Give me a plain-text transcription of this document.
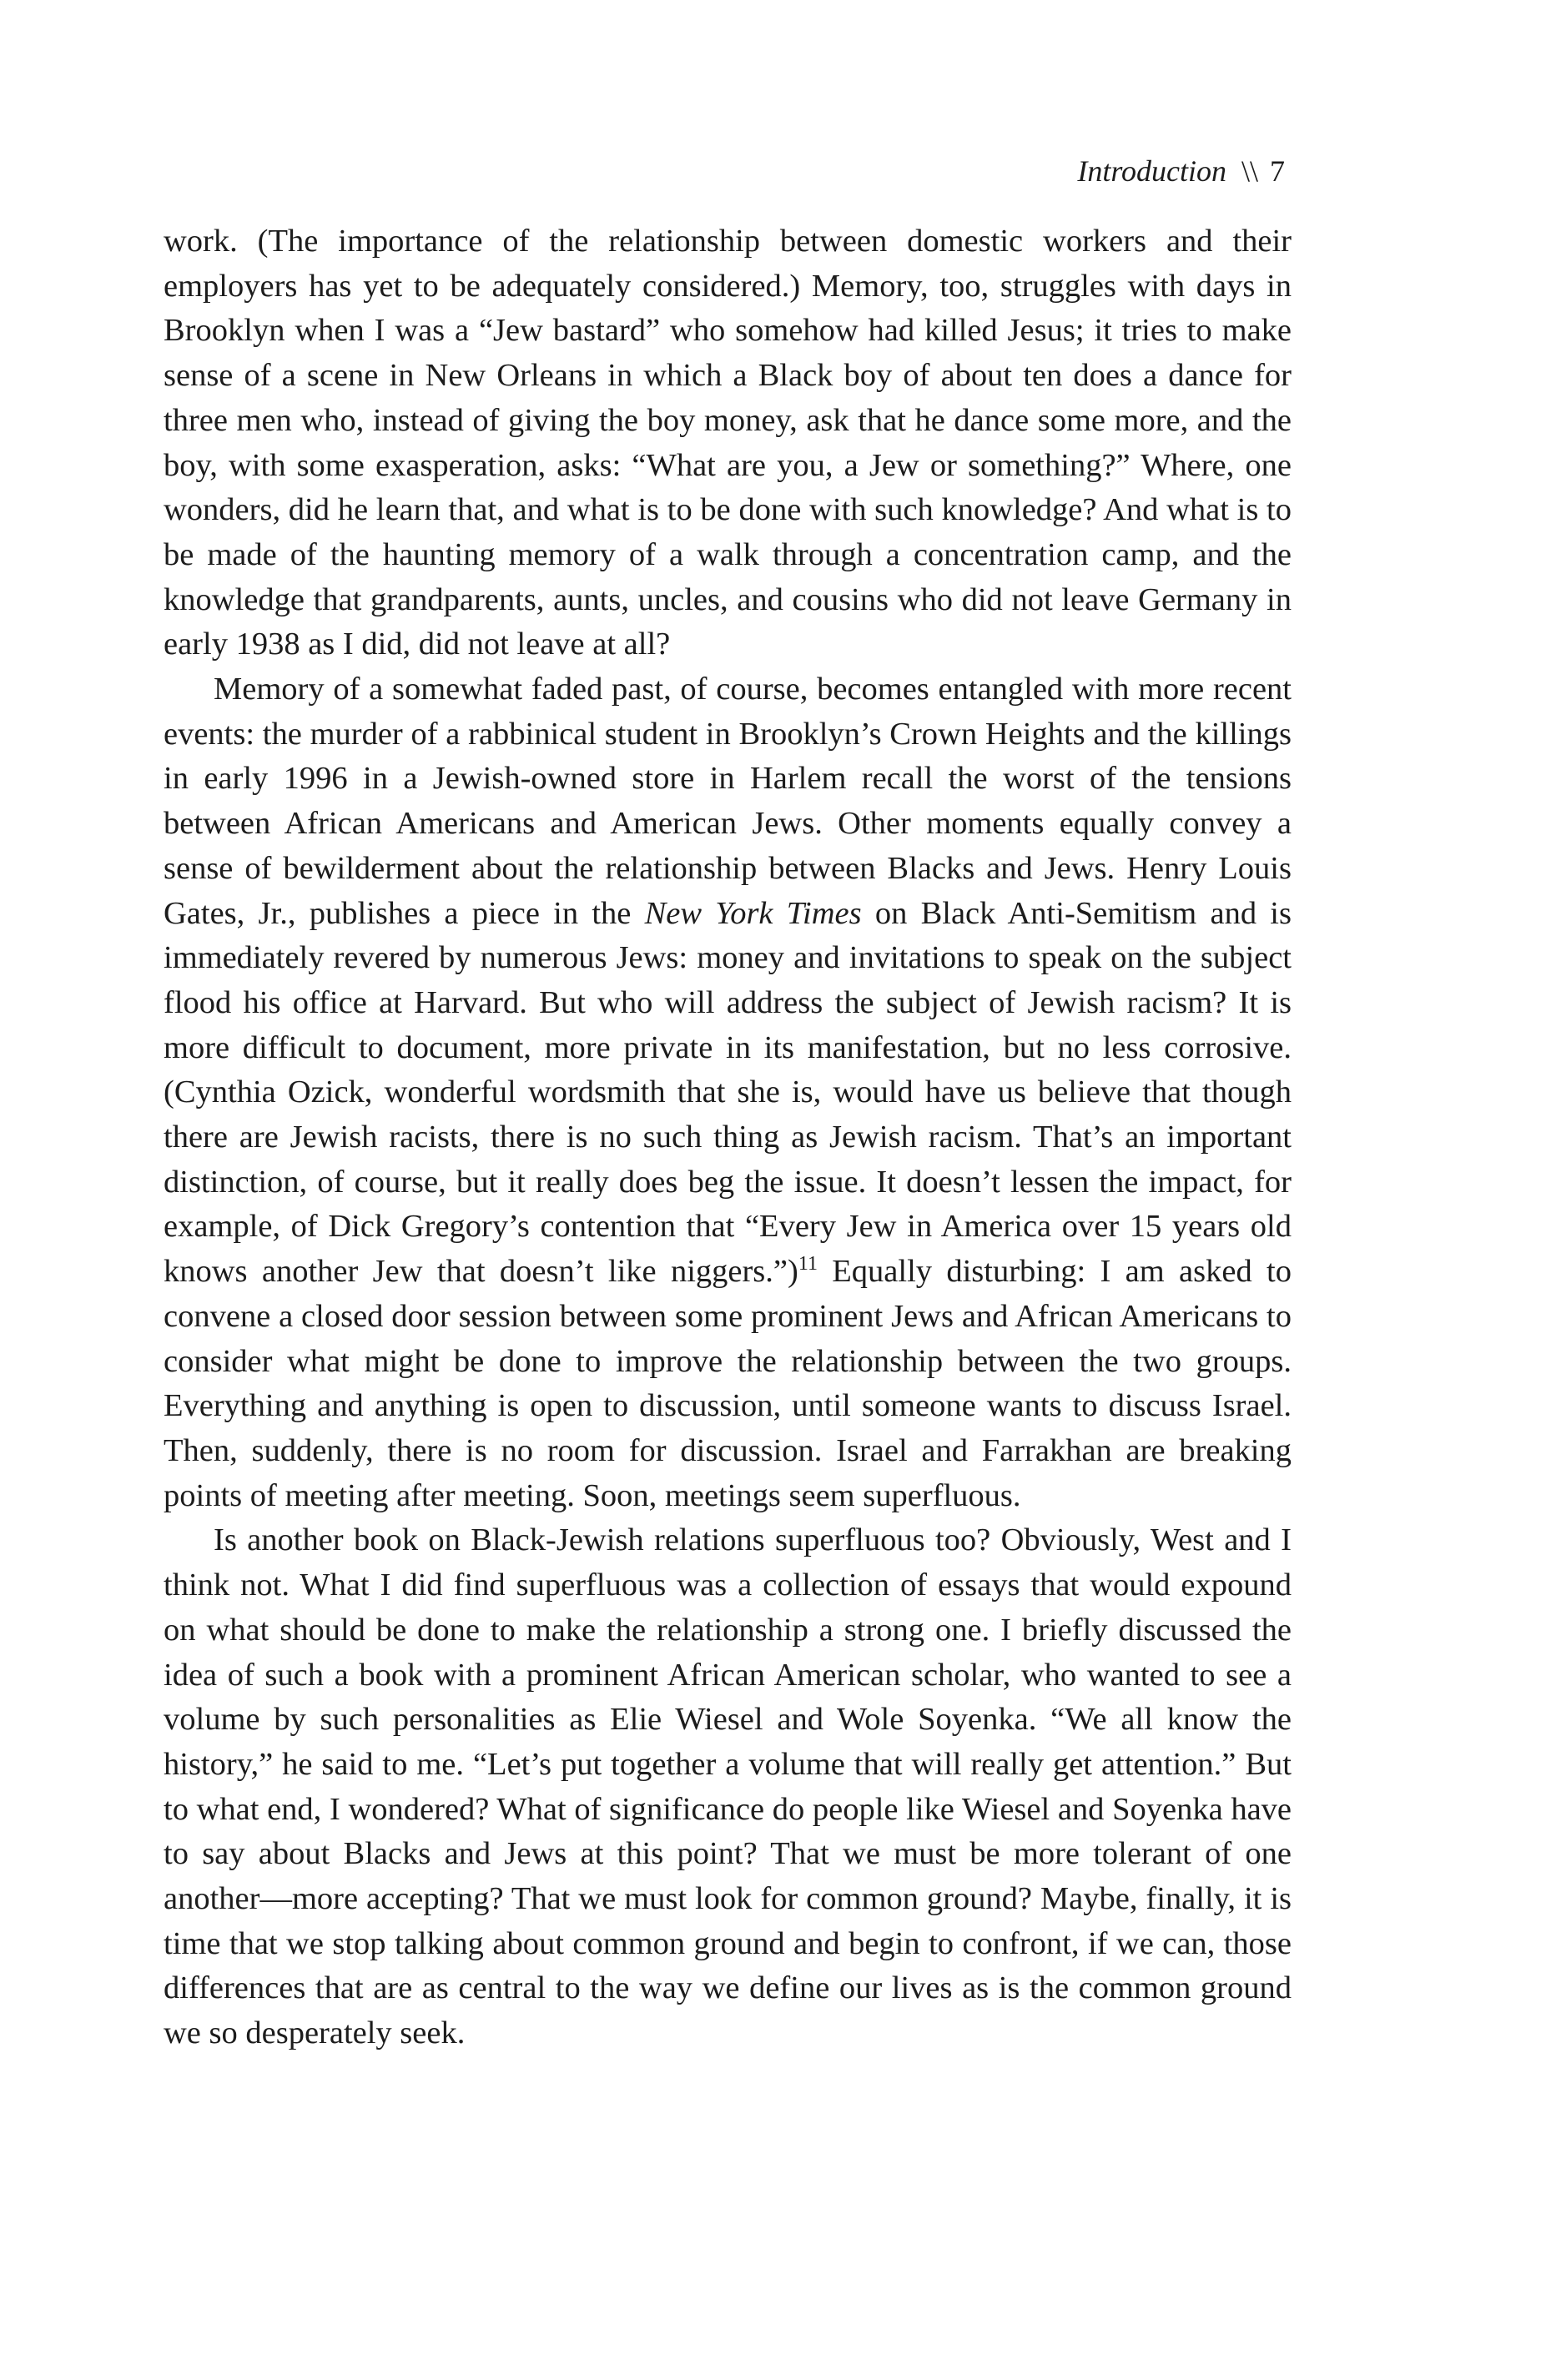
Introduction \\ 7

work. (The importance of the relationship between domestic workers and their employers has yet to be adequately considered.) Memory, too, struggles with days in Brooklyn when I was a “Jew bastard” who somehow had killed Jesus; it tries to make sense of a scene in New Orleans in which a Black boy of about ten does a dance for three men who, instead of giving the boy money, ask that he dance some more, and the boy, with some exasperation, asks: “What are you, a Jew or something?” Where, one wonders, did he learn that, and what is to be done with such knowledge? And what is to be made of the haunting memory of a walk through a concentration camp, and the knowledge that grandparents, aunts, uncles, and cousins who did not leave Germany in early 1938 as I did, did not leave at all?

Memory of a somewhat faded past, of course, becomes entangled with more recent events: the murder of a rabbinical student in Brooklyn’s Crown Heights and the killings in early 1996 in a Jewish-owned store in Harlem recall the worst of the tensions between African Americans and American Jews. Other moments equally convey a sense of bewilderment about the relationship between Blacks and Jews. Henry Louis Gates, Jr., publishes a piece in the New York Times on Black Anti-Semitism and is immediately revered by numerous Jews: money and invitations to speak on the subject flood his office at Harvard. But who will address the subject of Jewish racism? It is more difficult to document, more private in its manifestation, but no less corrosive. (Cynthia Ozick, wonderful wordsmith that she is, would have us believe that though there are Jewish racists, there is no such thing as Jewish racism. That’s an important distinction, of course, but it really does beg the issue. It doesn’t lessen the impact, for example, of Dick Gregory’s contention that “Every Jew in America over 15 years old knows another Jew that doesn’t like niggers.”)$^{11}$ Equally disturbing: I am asked to convene a closed door session between some prominent Jews and African Americans to consider what might be done to improve the relationship between the two groups. Everything and anything is open to discussion, until someone wants to discuss Israel. Then, suddenly, there is no room for discussion. Israel and Farrakhan are breaking points of meeting after meeting. Soon, meetings seem superfluous.

Is another book on Black-Jewish relations superfluous too? Obviously, West and I think not. What I did find superfluous was a collection of essays that would expound on what should be done to make the relationship a strong one. I briefly discussed the idea of such a book with a prominent African American scholar, who wanted to see a volume by such personalities as Elie Wiesel and Wole Soyenka. “We all know the history,” he said to me. “Let’s put together a volume that will really get attention.” But to what end, I wondered? What of significance do people like Wiesel and Soyenka have to say about Blacks and Jews at this point? That we must be more tolerant of one another—more accepting? That we must look for common ground? Maybe, finally, it is time that we stop talking about common ground and begin to confront, if we can, those differences that are as central to the way we define our lives as is the common ground we so desperately seek.
